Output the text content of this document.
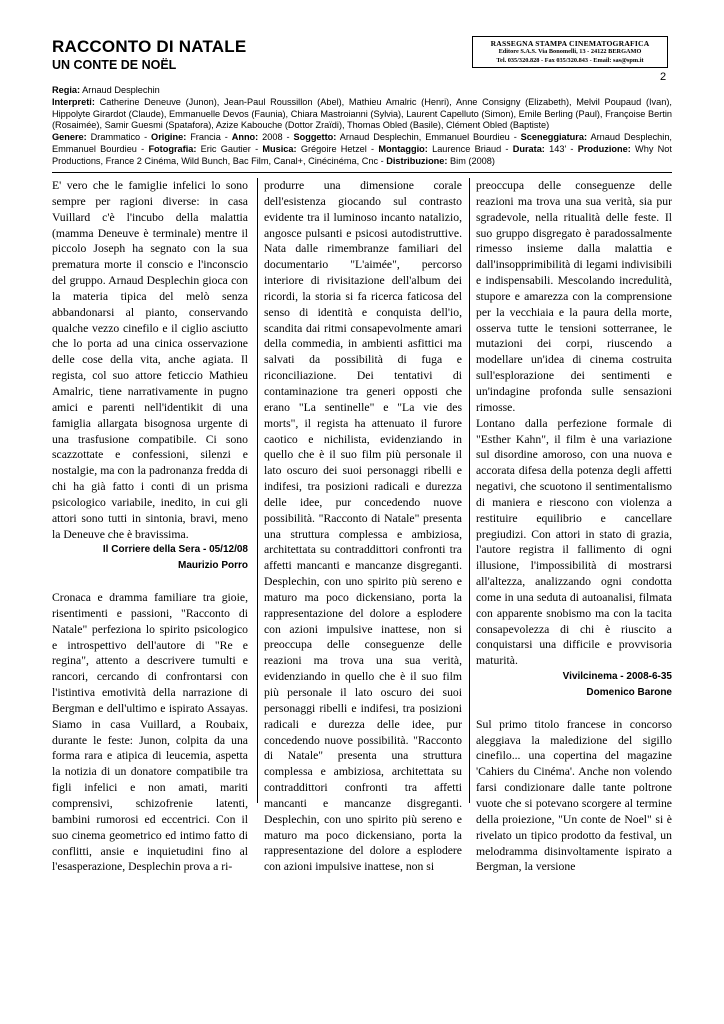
RACCONTO DI NATALE
UN CONTE DE NOËL
RASSEGNA STAMPA CINEMATOGRAFICA
Editore S.A.S. Via Bonomelli, 13 - 24122 BERGAMO
Tel. 035/320.828 - Fax 035/320.843 - Email: sas@spm.it
2
Regia: Arnaud Desplechin
Interpreti: Catherine Deneuve (Junon), Jean-Paul Roussillon (Abel), Mathieu Amalric (Henri), Anne Consigny (Elizabeth), Melvil Poupaud (Ivan), Hippolyte Girardot (Claude), Emmanuelle Devos (Faunia), Chiara Mastroianni (Sylvia), Laurent Capelluto (Simon), Emile Berling (Paul), Françoise Bertin (Rosaimée), Samir Guesmi (Spatafora), Azize Kabouche (Dottor Zraïdi), Thomas Obled (Basile), Clément Obled (Baptiste)
Genere: Drammatico - Origine: Francia - Anno: 2008 - Soggetto: Arnaud Desplechin, Emmanuel Bourdieu - Sceneggiatura: Arnaud Desplechin, Emmanuel Bourdieu - Fotografia: Eric Gautier - Musica: Grégoire Hetzel - Montaggio: Laurence Briaud - Durata: 143' - Produzione: Why Not Productions, France 2 Cinéma, Wild Bunch, Bac Film, Canal+, Cinécinéma, Cnc - Distribuzione: Bim (2008)

E' vero che le famiglie infelici lo sono sempre per ragioni diverse: in casa Vuillard c'è l'incubo della malattia (mamma Deneuve è terminale) mentre il piccolo Joseph ha segnato con la sua prematura morte il conscio e l'inconscio del gruppo. Arnaud Desplechin gioca con la materia tipica del melò senza abbandonarsi al pianto, conservando qualche vezzo cinefilo e il ciglio asciutto che lo porta ad una cinica osservazione delle cose della vita, anche agiata. Il regista, col suo attore feticcio Mathieu Amalric, tiene narrativamente in pugno amici e parenti nell'identikit di una famiglia allargata bisognosa urgente di una trasfusione compatibile. Ci sono scazzottate e confessioni, silenzi e nostalgie, ma con la padronanza fredda di chi ha già fatto i conti di un prisma psicologico variabile, inedito, in cui gli attori sono tutti in sintonia, bravi, meno la Deneuve che è bravissima.

Il Corriere della Sera - 05/12/08
Maurizio Porro

Cronaca e dramma familiare tra gioie, risentimenti e passioni, "Racconto di Natale" perfeziona lo spirito psicologico e introspettivo dell'autore di "Re e regina", attento a descrivere tumulti e rancori, cercando di confrontarsi con l'istintiva emotività della narrazione di Bergman e dell'ultimo e ispirato Assayas. Siamo in casa Vuillard, a Roubaix, durante le feste: Junon, colpita da una forma rara e atipica di leucemia, aspetta la notizia di un donatore compatibile tra figli infelici e non amati, mariti comprensivi, schizofrenie latenti, bambini rumorosi ed eccentrici. Con il suo cinema geometrico ed intimo fatto di conflitti, ansie e inquietudini fino al l'esasperazione, Desplechin prova a ri-

produrre una dimensione corale dell'esistenza giocando sul contrasto evidente tra il luminoso incanto natalizio, angosce pulsanti e psicosi autodistruttive. Nata dalle rimembranze familiari del documentario "L'aimée", percorso interiore di rivisitazione dell'album dei ricordi, la storia si fa ricerca faticosa del senso di identità e conquista dell'io, scandita dai ritmi consapevolmente amari della commedia, in ambienti asfittici ma salvati da possibilità di fuga e riconciliazione. Dei tentativi di contaminazione tra generi opposti che erano "La sentinelle" e "La vie des morts", il regista ha attenuato il furore caotico e nichilista, evidenziando in quello che è il suo film più personale il lato oscuro dei suoi personaggi ribelli e indifesi, tra posizioni radicali e durezza delle idee, pur concedendo nuove possibilità. "Racconto di Natale" presenta una struttura complessa e ambiziosa, architettata su contraddittori confronti tra affetti mancanti e mancanze disgreganti. Desplechin, con uno spirito più sereno e maturo ma poco dickensiano, porta la rappresentazione del dolore a esplodere con azioni impulsive inattese, non si preoccupa delle conseguenze delle reazioni ma trova una sua verità, evidenziando in quello che è il suo film più personale il lato oscuro dei suoi personaggi ribelli e indifesi, tra posizioni radicali e durezza delle idee, pur concedendo nuove possibilità. "Racconto di Natale" presenta una struttura complessa e ambiziosa, architettata su contraddittori confronti tra affetti mancanti e mancanze disgreganti. Desplechin, con uno spirito più sereno e maturo ma poco dickensiano, porta la rappresentazione del dolore a esplodere con azioni impulsive inattese, non si

preoccupa delle conseguenze delle reazioni ma trova una sua verità, sia pur sgradevole, nella ritualità delle feste. Il suo gruppo disgregato è paradossalmente rimesso insieme dalla malattia e dall'insopprimibilità di legami indivisibili e indispensabili. Mescolando incredulità, stupore e amarezza con la comprensione per la vecchiaia e la paura della morte, osserva tutte le tensioni sotterranee, le mutazioni dei corpi, riuscendo a modellare un'idea di cinema costruita sull'esplorazione dei sentimenti e un'indagine profonda sulle sensazioni rimosse.

Lontano dalla perfezione formale di "Esther Kahn", il film è una variazione sul disordine amoroso, con una nuova e accorata difesa della potenza degli affetti negativi, che scuotono il sentimentalismo di maniera e riescono con violenza a restituire equilibrio e cancellare pregiudizi. Con attori in stato di grazia, l'autore registra il fallimento di ogni illusione, l'impossibilità di mostrarsi all'altezza, analizzando ogni condotta come in una seduta di autoanalisi, filmata con apparente snobismo ma con la tacita consapevolezza di chi è riuscito a conquistarsi una difficile e provvisoria maturità.

Vivilcinema - 2008-6-35
Domenico Barone

Sul primo titolo francese in concorso aleggiava la maledizione del sigillo cinefilo... una copertina del magazine 'Cahiers du Cinéma'. Anche non volendo farsi condizionare dalle tante poltrone vuote che si potevano scorgere al termine della proiezione, "Un conte de Noel" si è rivelato un tipico prodotto da festival, un melodramma disinvoltamente ispirato a Bergman, la versione
